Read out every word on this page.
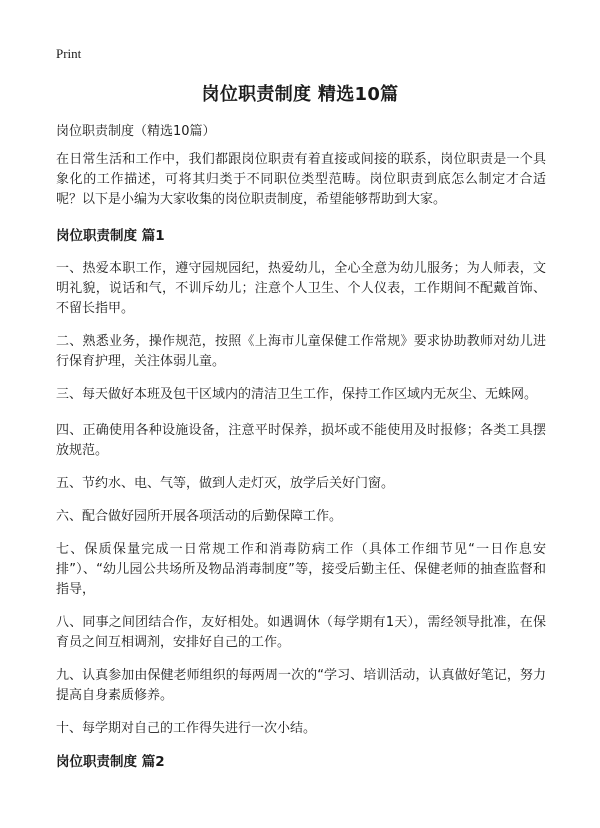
Print
岗位职责制度 精选10篇
岗位职责制度（精选10篇）

在日常生活和工作中，我们都跟岗位职责有着直接或间接的联系，岗位职责是一个具象化的工作描述，可将其归类于不同职位类型范畴。岗位职责到底怎么制定才合适呢？以下是小编为大家收集的岗位职责制度，希望能够帮助到大家。

岗位职责制度 篇1

一、热爱本职工作，遵守园规园纪，热爱幼儿，全心全意为幼儿服务；为人师表，文明礼貌，说话和气，不训斥幼儿；注意个人卫生、个人仪表，工作期间不配戴首饰、不留长指甲。

二、熟悉业务，操作规范，按照《上海市儿童保健工作常规》要求协助教师对幼儿进行保育护理，关注体弱儿童。

三、每天做好本班及包干区域内的清洁卫生工作，保持工作区域内无灰尘、无蛛网。

四、正确使用各种设施设备，注意平时保养，损坏或不能使用及时报修；各类工具摆放规范。

五、节约水、电、气等，做到人走灯灭，放学后关好门窗。

六、配合做好园所开展各项活动的后勤保障工作。

七、保质保量完成一日常规工作和消毒防病工作（具体工作细节见“一日作息安排”）、“幼儿园公共场所及物品消毒制度”等，接受后勤主任、保健老师的抽查监督和指导，

八、同事之间团结合作，友好相处。如遇调休（每学期有1天），需经领导批准，在保育员之间互相调剂，安排好自己的工作。

九、认真参加由保健老师组织的每两周一次的“学习、培训活动，认真做好笔记，努力提高自身素质修养。

十、每学期对自己的工作得失进行一次小结。

岗位职责制度 篇2
